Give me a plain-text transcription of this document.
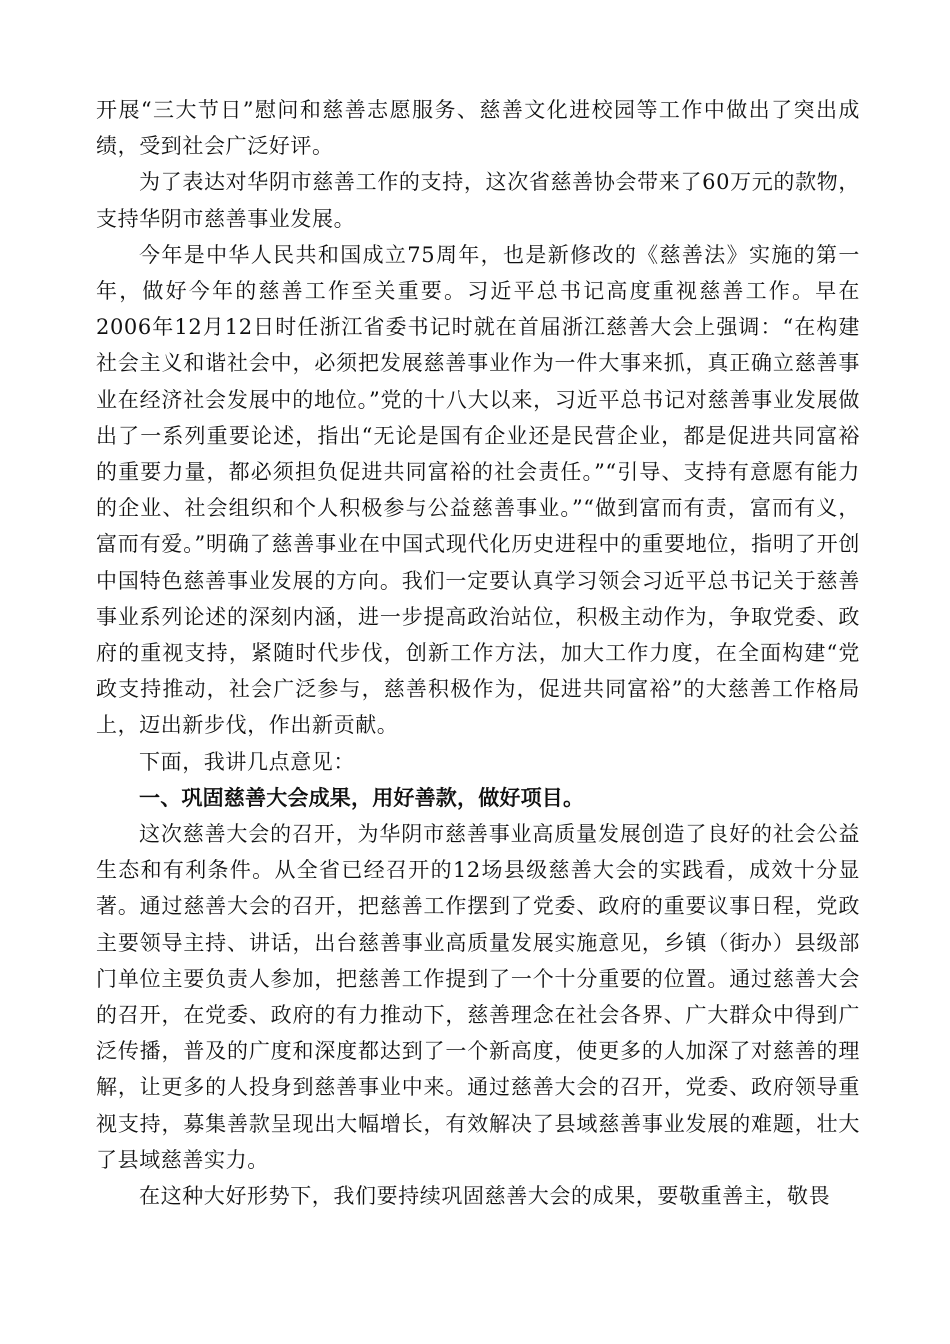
开展“三大节日”慰问和慈善志愿服务、慈善文化进校园等工作中做出了突出成绩，受到社会广泛好评。

为了表达对华阴市慈善工作的支持，这次省慈善协会带来了60万元的款物，支持华阴市慈善事业发展。

今年是中华人民共和国成立75周年，也是新修改的《慈善法》实施的第一年，做好今年的慈善工作至关重要。习近平总书记高度重视慈善工作。早在2006年12月12日时任浙江省委书记时就在首届浙江慈善大会上强调：“在构建社会主义和谐社会中，必须把发展慈善事业作为一件大事来抓，真正确立慈善事业在经济社会发展中的地位。”党的十八大以来，习近平总书记对慈善事业发展做出了一系列重要论述，指出“无论是国有企业还是民营企业，都是促进共同富裕的重要力量，都必须担负促进共同富裕的社会责任。”“引导、支持有意愿有能力的企业、社会组织和个人积极参与公益慈善事业。”“做到富而有责，富而有义，富而有爱。”明确了慈善事业在中国式现代化历史进程中的重要地位，指明了开创中国特色慈善事业发展的方向。我们一定要认真学习领会习近平总书记关于慈善事业系列论述的深刻内涵，进一步提高政治站位，积极主动作为，争取党委、政府的重视支持，紧随时代步伐，创新工作方法，加大工作力度，在全面构建“党政支持推动，社会广泛参与，慈善积极作为，促进共同富裕”的大慈善工作格局上，迈出新步伐，作出新贡献。

下面，我讲几点意见：

一、巩固慈善大会成果，用好善款，做好项目。

这次慈善大会的召开，为华阴市慈善事业高质量发展创造了良好的社会公益生态和有利条件。从全省已经召开的12场县级慈善大会的实践看，成效十分显著。通过慈善大会的召开，把慈善工作摆到了党委、政府的重要议事日程，党政主要领导主持、讲话，出台慈善事业高质量发展实施意见，乡镇（街办）县级部门单位主要负责人参加，把慈善工作提到了一个十分重要的位置。通过慈善大会的召开，在党委、政府的有力推动下，慈善理念在社会各界、广大群众中得到广泛传播，普及的广度和深度都达到了一个新高度，使更多的人加深了对慈善的理解，让更多的人投身到慈善事业中来。通过慈善大会的召开，党委、政府领导重视支持，募集善款呈现出大幅增长，有效解决了县域慈善事业发展的难题，壮大了县域慈善实力。

在这种大好形势下，我们要持续巩固慈善大会的成果，要敬重善主，敬畏
